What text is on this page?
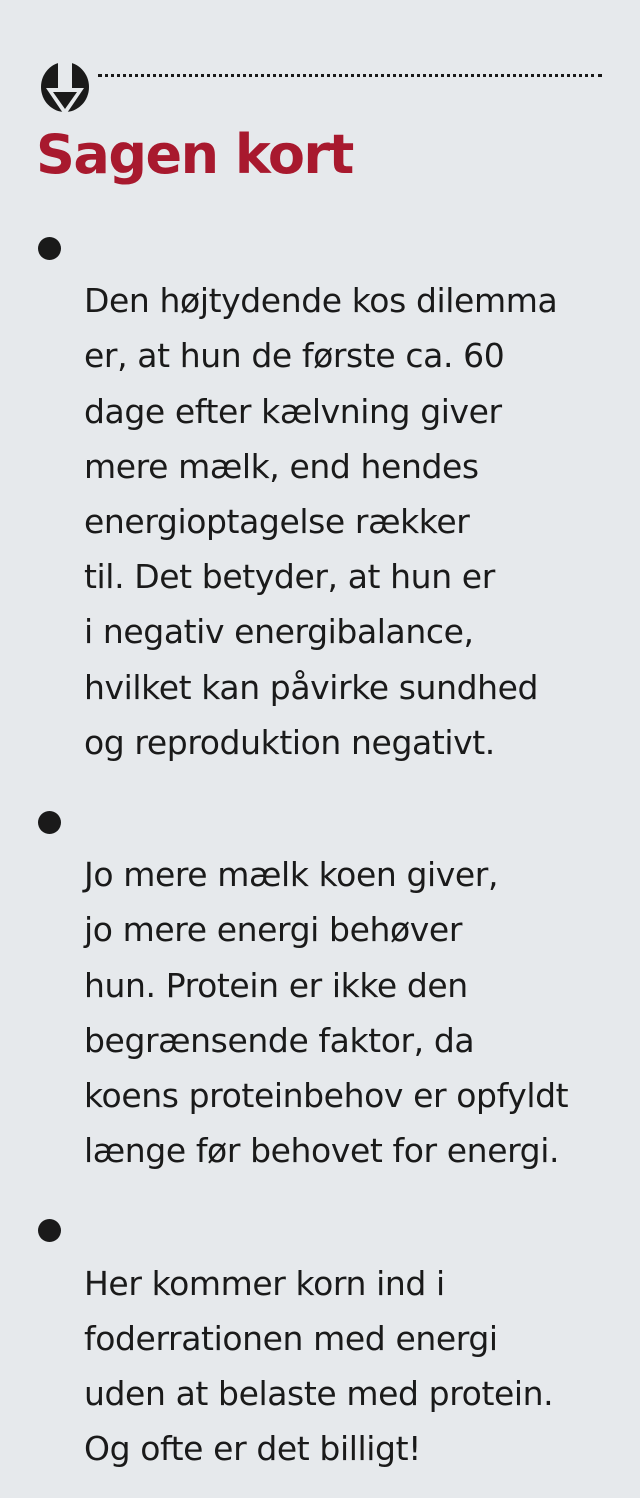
Sagen kort

Den højtydende kos dilemma
er, at hun de første ca. 60
dage efter kælvning giver
mere mælk, end hendes
energioptagelse rækker
til. Det betyder, at hun er
i negativ energibalance,
hvilket kan påvirke sundhed
og reproduktion negativt.

Jo mere mælk koen giver,
jo mere energi behøver
hun. Protein er ikke den
begrænsende faktor, da
koens proteinbehov er opfyldt
længe før behovet for energi.

Her kommer korn ind i
foderrationen med energi
uden at belaste med protein.
Og ofte er det billigt!
